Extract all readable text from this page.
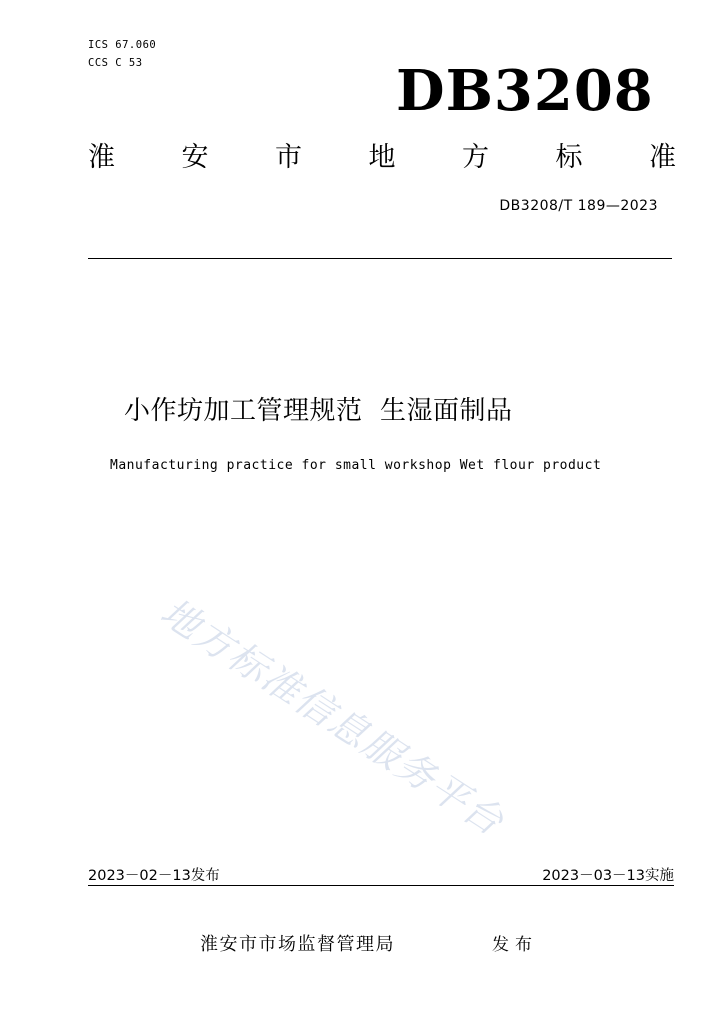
ICS 67.060
CCS C 53	DB3208
淮 安 市 地 方 标 准
DB3208/T 189—2023
小作坊加工管理规范  生湿面制品
Manufacturing practice for small workshop Wet flour product
地方标准信息服务平台
2023－02－13发布	2023－03－13实施
淮安市市场监督管理局	发布
